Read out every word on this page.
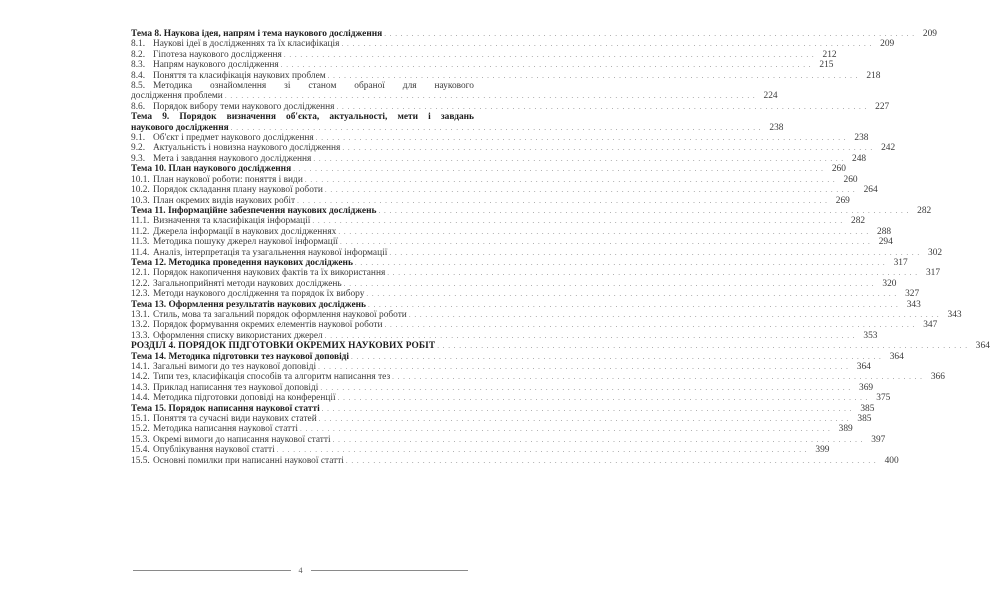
Тема 8. Наукова ідея, напрям і тема наукового дослідження . . .	209
8.1. Наукові ідеї в дослідженнях та їх класифікація . . .	209
8.2. Гіпотеза наукового дослідження . . .	212
8.3. Напрям наукового дослідження . . .	215
8.4. Поняття та класифікація наукових проблем . . .	218
8.5. Методика ознайомлення зі станом обраної для наукового
дослідження проблеми . . .	224
8.6. Порядок вибору теми наукового дослідження . . .	227
Тема 9. Порядок визначення об'єкта, актуальності, мети і завдань
наукового дослідження . . .	238
9.1. Об'єкт і предмет наукового дослідження . . .	238
9.2. Актуальність і новизна наукового дослідження . . .	242
9.3. Мета і завдання наукового дослідження . . .	248
Тема 10. План наукового дослідження . . .	260
10.1. План наукової роботи: поняття і види . . .	260
10.2. Порядок складання плану наукової роботи . . .	264
10.3. План окремих видів наукових робіт . . .	269
Тема 11. Інформаційне забезпечення наукових досліджень . . .	282
11.1. Визначення та класифікація інформації . . .	282
11.2. Джерела інформації в наукових дослідженнях . . .	288
11.3. Методика пошуку джерел наукової інформації . . .	294
11.4. Аналіз, інтерпретація та узагальнення наукової інформації . . .	302
Тема 12. Методика проведення наукових досліджень . . .	317
12.1. Порядок накопичення наукових фактів та їх використання . . .	317
12.2. Загальноприйняті методи наукових досліджень . . .	320
12.3. Методи наукового дослідження та порядок їх вибору . . .	327
Тема 13. Оформлення результатів наукових досліджень . . .	343
13.1. Стиль, мова та загальний порядок оформлення наукової роботи . . .	343
13.2. Порядок формування окремих елементів наукової роботи . . .	347
13.3. Оформлення списку використаних джерел . . .	353
РОЗДІЛ 4. ПОРЯДОК ПІДГОТОВКИ ОКРЕМИХ НАУКОВИХ РОБІТ . . .	364
Тема 14. Методика підготовки тез наукової доповіді . . .	364
14.1. Загальні вимоги до тез наукової доповіді . . .	364
14.2. Типи тез, класифікація способів та алгоритм написання тез . . .	366
14.3. Приклад написання тез наукової доповіді . . .	369
14.4. Методика підготовки доповіді на конференції . . .	375
Тема 15. Порядок написання наукової статті . . .	385
15.1. Поняття та сучасні види наукових статей . . .	385
15.2. Методика написання наукової статті . . .	389
15.3. Окремі вимоги до написання наукової статті . . .	397
15.4. Опублікування наукової статті . . .	399
15.5. Основні помилки при написанні наукової статті . . .	400
4
